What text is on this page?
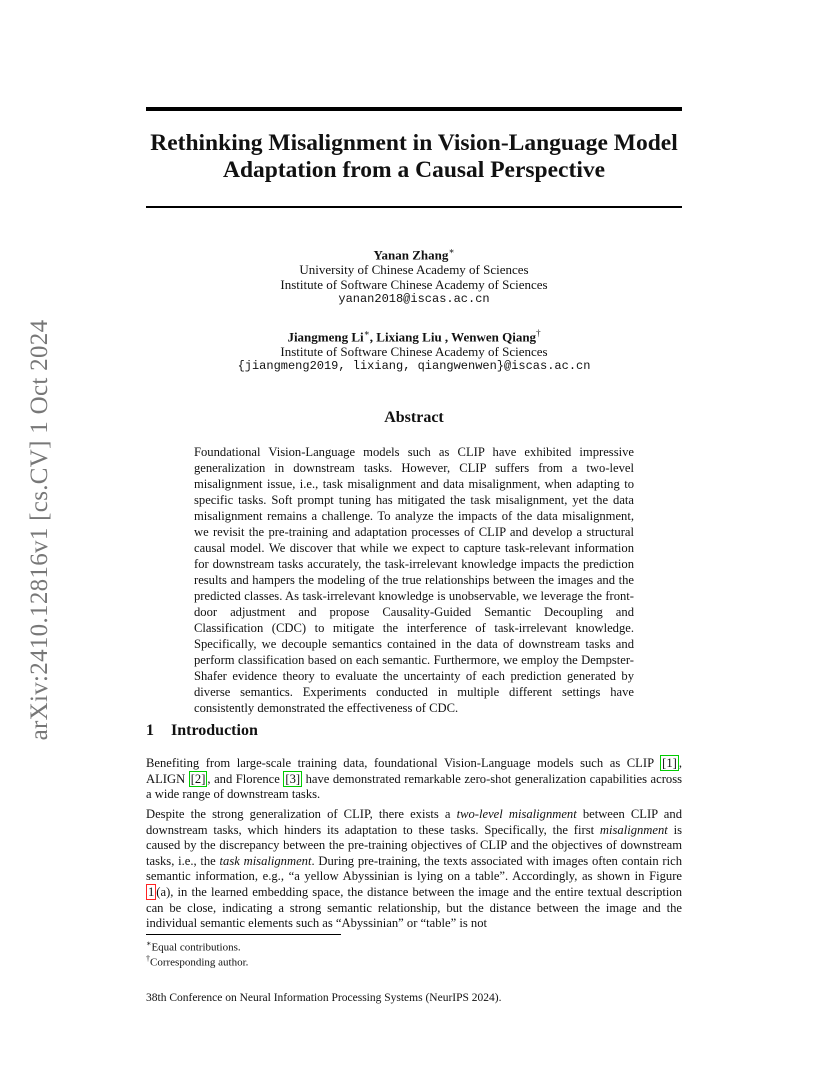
arXiv:2410.12816v1 [cs.CV] 1 Oct 2024
Rethinking Misalignment in Vision-Language Model
Adaptation from a Causal Perspective
Yanan Zhang∗
University of Chinese Academy of Sciences
Institute of Software Chinese Academy of Sciences
yanan2018@iscas.ac.cn
Jiangmeng Li∗, Lixiang Liu , Wenwen Qiang†
Institute of Software Chinese Academy of Sciences
{jiangmeng2019, lixiang, qiangwenwen}@iscas.ac.cn
Abstract

Foundational Vision-Language models such as CLIP have exhibited impressive generalization in downstream tasks. However, CLIP suffers from a two-level misalignment issue, i.e., task misalignment and data misalignment, when adapting to specific tasks. Soft prompt tuning has mitigated the task misalignment, yet the data misalignment remains a challenge. To analyze the impacts of the data misalignment, we revisit the pre-training and adaptation processes of CLIP and develop a structural causal model. We discover that while we expect to capture task-relevant information for downstream tasks accurately, the task-irrelevant knowledge impacts the prediction results and hampers the modeling of the true relationships between the images and the predicted classes. As task-irrelevant knowledge is unobservable, we leverage the front-door adjustment and propose Causality-Guided Semantic Decoupling and Classification (CDC) to mitigate the interference of task-irrelevant knowledge. Specifically, we decouple semantics contained in the data of downstream tasks and perform classification based on each semantic. Furthermore, we employ the Dempster-Shafer evidence theory to evaluate the uncertainty of each prediction generated by diverse semantics. Experiments conducted in multiple different settings have consistently demonstrated the effectiveness of CDC.

1 Introduction

Benefiting from large-scale training data, foundational Vision-Language models such as CLIP [1] , ALIGN [2] , and Florence [3] have demonstrated remarkable zero-shot generalization capabilities across a wide range of downstream tasks.

Despite the strong generalization of CLIP, there exists a two-level misalignment between CLIP and downstream tasks, which hinders its adaptation to these tasks. Specifically, the first misalignment is caused by the discrepancy between the pre-training objectives of CLIP and the objectives of downstream tasks, i.e., the task misalignment. During pre-training, the texts associated with images often contain rich semantic information, e.g., “a yellow Abyssinian is lying on a table”. Accordingly, as shown in Figure 1 (a), in the learned embedding space, the distance between the image and the entire textual description can be close, indicating a strong semantic relationship, but the distance between the image and the individual semantic elements such as “Abyssinian” or “table” is not

∗Equal contributions.

†Corresponding author.

38th Conference on Neural Information Processing Systems (NeurIPS 2024).
